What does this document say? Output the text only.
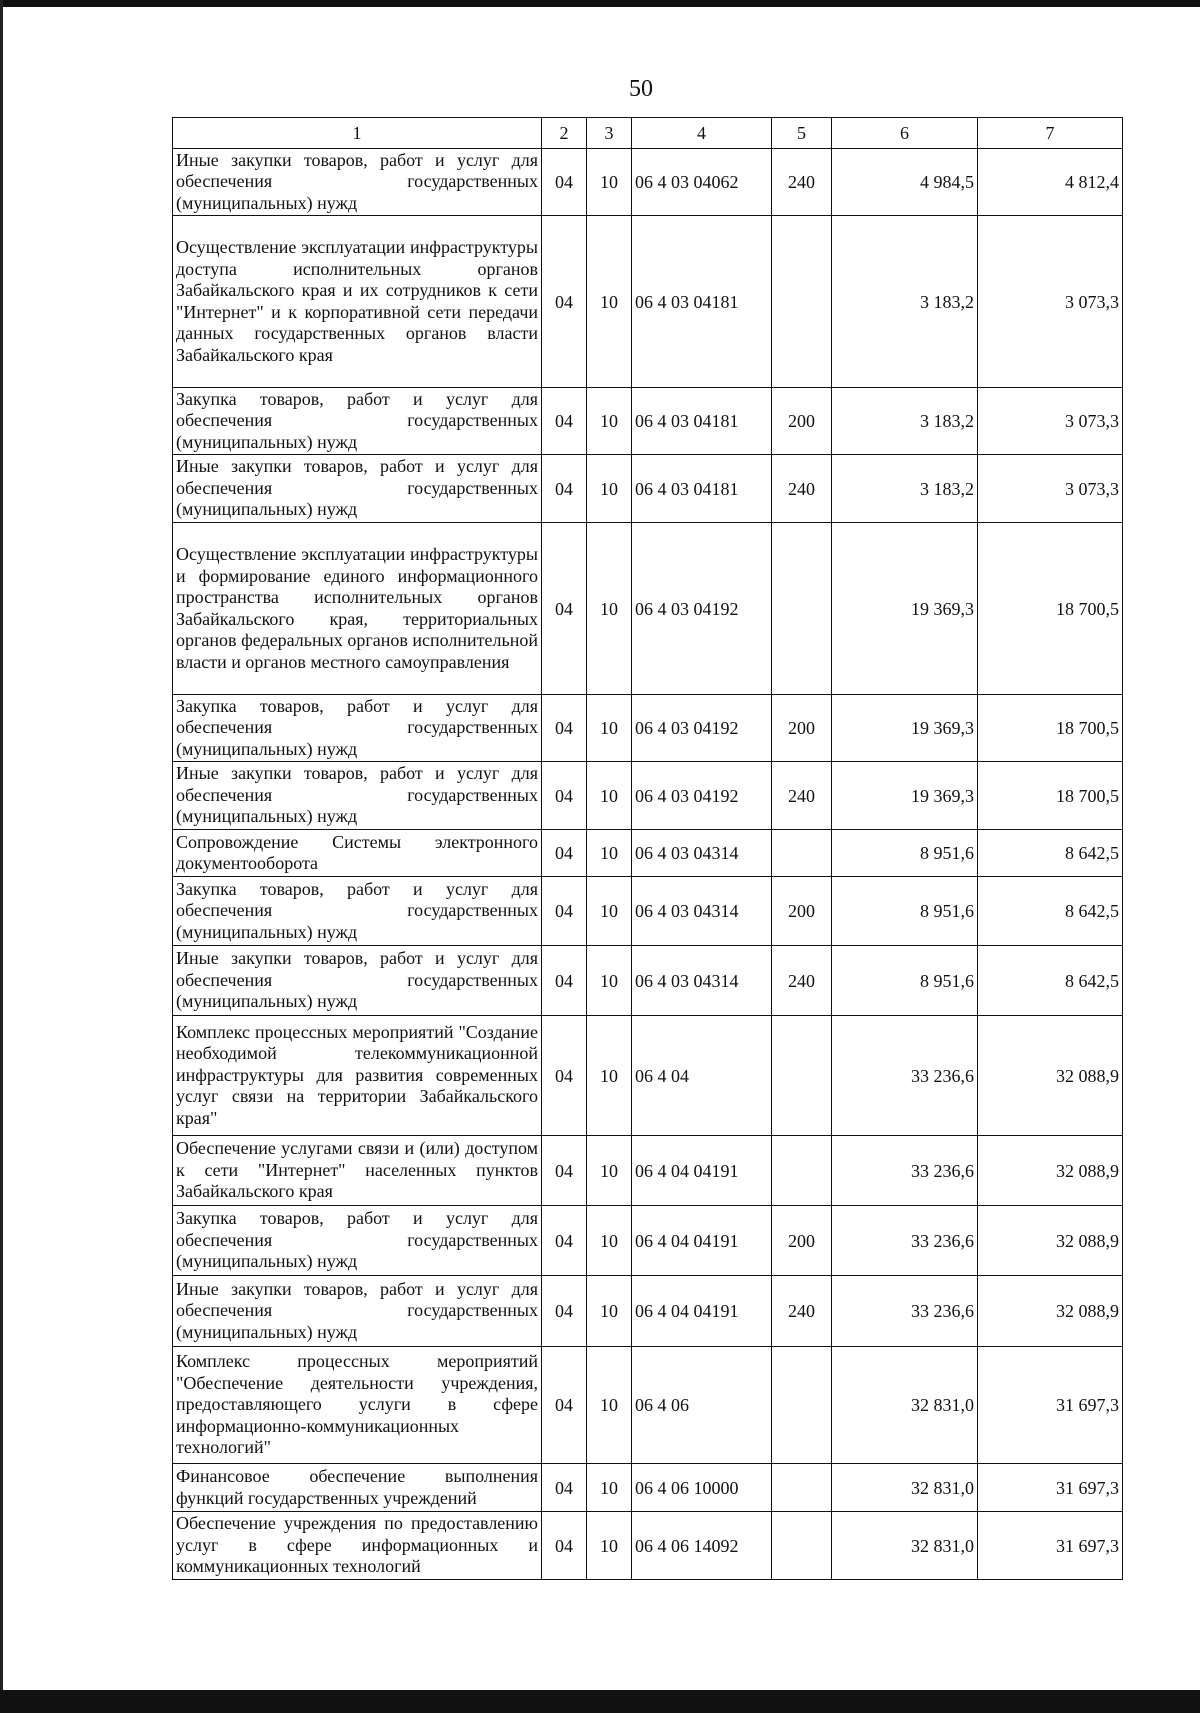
50
1	2	3	4	5	6	7
Иные закупки товаров, работ и услуг для обеспечения государственных (муниципальных) нужд	04	10	06 4 03 04062	240	4 984,5	4 812,4
Осуществление эксплуатации инфраструктуры доступа исполнительных органов Забайкальского края и их сотрудников к сети "Интернет" и к корпоративной сети передачи данных государственных органов власти Забайкальского края	04	10	06 4 03 04181		3 183,2	3 073,3
Закупка товаров, работ и услуг для обеспечения государственных (муниципальных) нужд	04	10	06 4 03 04181	200	3 183,2	3 073,3
Иные закупки товаров, работ и услуг для обеспечения государственных (муниципальных) нужд	04	10	06 4 03 04181	240	3 183,2	3 073,3
Осуществление эксплуатации инфраструктуры и формирование единого информационного пространства исполнительных органов Забайкальского края, территориальных органов федеральных органов исполнительной власти и органов местного самоуправления	04	10	06 4 03 04192		19 369,3	18 700,5
Закупка товаров, работ и услуг для обеспечения государственных (муниципальных) нужд	04	10	06 4 03 04192	200	19 369,3	18 700,5
Иные закупки товаров, работ и услуг для обеспечения государственных (муниципальных) нужд	04	10	06 4 03 04192	240	19 369,3	18 700,5
Сопровождение Системы электронного документооборота	04	10	06 4 03 04314		8 951,6	8 642,5
Закупка товаров, работ и услуг для обеспечения государственных (муниципальных) нужд	04	10	06 4 03 04314	200	8 951,6	8 642,5
Иные закупки товаров, работ и услуг для обеспечения государственных (муниципальных) нужд	04	10	06 4 03 04314	240	8 951,6	8 642,5
Комплекс процессных мероприятий "Создание необходимой телекоммуникационной инфраструктуры для развития современных услуг связи на территории Забайкальского края"	04	10	06 4 04		33 236,6	32 088,9
Обеспечение услугами связи и (или) доступом к сети "Интернет" населенных пунктов Забайкальского края	04	10	06 4 04 04191		33 236,6	32 088,9
Закупка товаров, работ и услуг для обеспечения государственных (муниципальных) нужд	04	10	06 4 04 04191	200	33 236,6	32 088,9
Иные закупки товаров, работ и услуг для обеспечения государственных (муниципальных) нужд	04	10	06 4 04 04191	240	33 236,6	32 088,9
Комплекс процессных мероприятий "Обеспечение деятельности учреждения, предоставляющего услуги в сфере информационно-коммуникационных технологий"	04	10	06 4 06		32 831,0	31 697,3
Финансовое обеспечение выполнения функций государственных учреждений	04	10	06 4 06 10000		32 831,0	31 697,3
Обеспечение учреждения по предоставлению услуг в сфере информационных и коммуникационных технологий	04	10	06 4 06 14092		32 831,0	31 697,3
